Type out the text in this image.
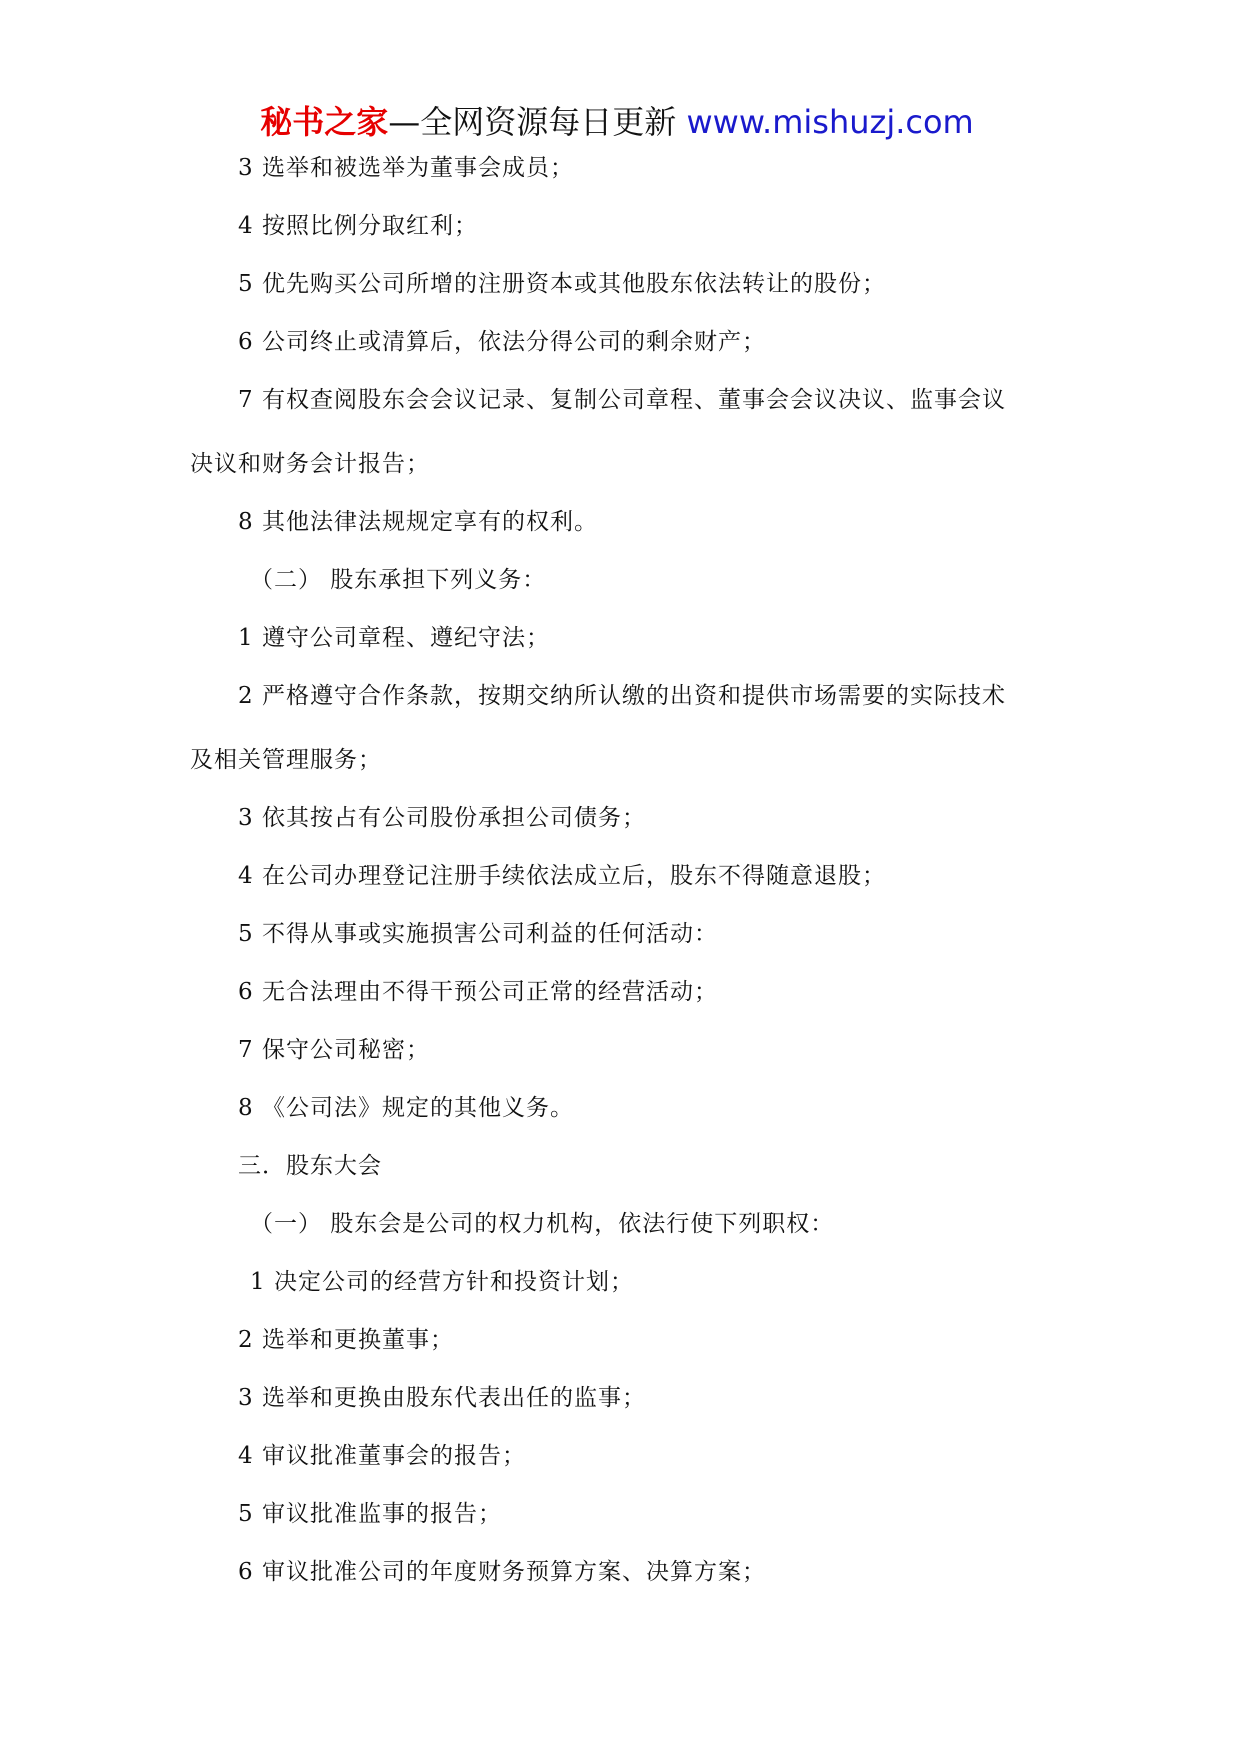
秘书之家—全网资源每日更新 www.mishuzj.com
3 选举和被选举为董事会成员；
4 按照比例分取红利；
5 优先购买公司所增的注册资本或其他股东依法转让的股份；
6 公司终止或清算后，依法分得公司的剩余财产；
7 有权查阅股东会会议记录、复制公司章程、董事会会议决议、监事会议
决议和财务会计报告；
8 其他法律法规规定享有的权利。
（二） 股东承担下列义务：
1 遵守公司章程、遵纪守法；
2 严格遵守合作条款，按期交纳所认缴的出资和提供市场需要的实际技术
及相关管理服务；
3 依其按占有公司股份承担公司债务；
4 在公司办理登记注册手续依法成立后，股东不得随意退股；
5 不得从事或实施损害公司利益的任何活动：
6 无合法理由不得干预公司正常的经营活动；
7 保守公司秘密；
8 《公司法》规定的其他义务。
三．股东大会
（一） 股东会是公司的权力机构，依法行使下列职权：
1 决定公司的经营方针和投资计划；
2 选举和更换董事；
3 选举和更换由股东代表出任的监事；
4 审议批准董事会的报告；
5 审议批准监事的报告；
6 审议批准公司的年度财务预算方案、决算方案；
